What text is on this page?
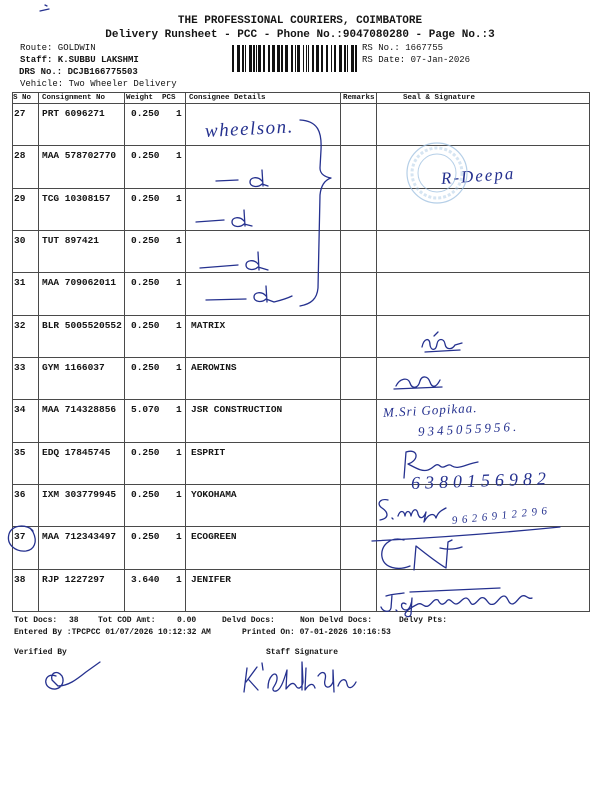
THE PROFESSIONAL COURIERS, COIMBATORE
Delivery Runsheet - PCC - Phone No.:9047080280 - Page No.:3
Route: GOLDWIN
Staff: K.SUBBU LAKSHMI
DRS No.: DCJB166775503
Vehicle: Two Wheeler Delivery
RS No.: 1667755
RS Date: 07-Jan-2026
S No Consignment No	Weight PCS Consignee Details	Remarks	Seal & Signature
27 PRT 6096271	0.250 1
28 MAA 578702770 0.250 1
29 TCG 10308157 0.250 1
30 TUT 897421	0.250 1
31 MAA 709062011 0.250 1
32 BLR 5005520552 0.250 1 MATRIX
33 GYM 1166037	0.250 1 AEROWINS
34 MAA 714328856 5.070 1 JSR CONSTRUCTION
35 EDQ 17845745 0.250 1 ESPRIT
36 IXM 303779945 0.250 1 YOKOHAMA
37 MAA 712343497 0.250 1 ECOGREEN
38 RJP 1227297	3.640 1 JENIFER
wheelson.
R-Deepa
M.Sri Gopikaa.
9345055956.
6380156982
9626912296
Tot Docs: 38 Tot COD Amt:	0.00	Delvd Docs:	Non Delvd Docs:	Delvy Pts:
Entered By :TPCPCC 01/07/2026 10:12:32 AM	Printed On: 07-01-2026 10:16:53
Verified By	Staff Signature
